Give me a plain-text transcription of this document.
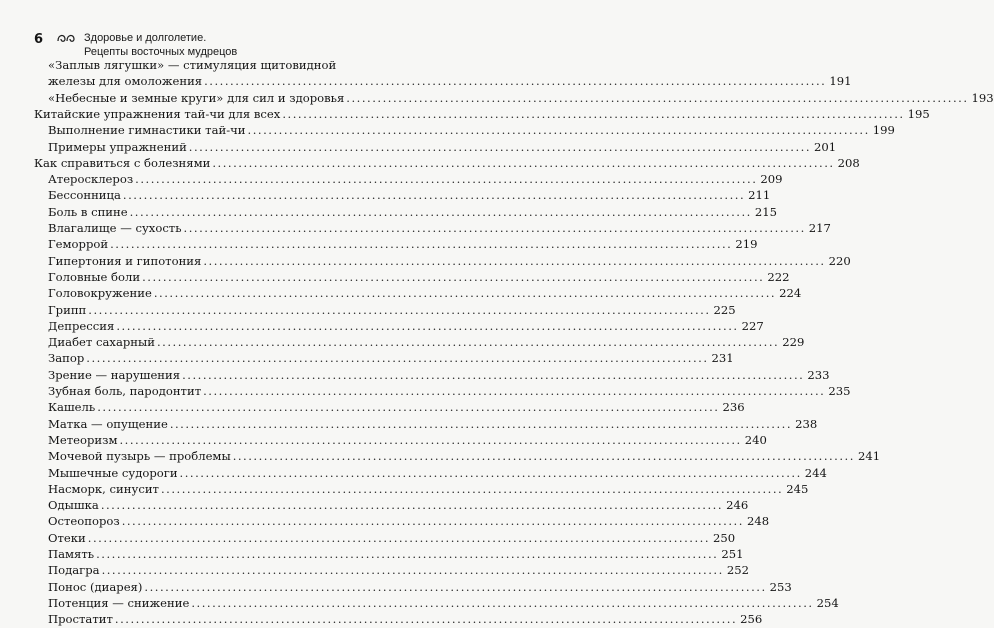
6	Здоровье и долголетие.
Рецепты восточных мудрецов
«Заплыв лягушки» — стимуляция щитовидной
железы для омоложения .....	191
«Небесные и земные круги» для сил и здоровья .....	193
Китайские упражнения тай-чи для всех .....	195
Выполнение гимнастики тай-чи .....	199
Примеры упражнений .....	201
Как справиться с болезнями .....	208
Атеросклероз .....	209
Бессонница .....	211
Боль в спине .....	215
Влагалище — сухость .....	217
Геморрой .....	219
Гипертония и гипотония .....	220
Головные боли .....	222
Головокружение .....	224
Грипп .....	225
Депрессия .....	227
Диабет сахарный .....	229
Запор .....	231
Зрение — нарушения .....	233
Зубная боль, пародонтит .....	235
Кашель .....	236
Матка — опущение .....	238
Метеоризм .....	240
Мочевой пузырь — проблемы .....	241
Мышечные судороги .....	244
Насморк, синусит .....	245
Одышка .....	246
Остеопороз .....	248
Отеки .....	250
Память .....	251
Подагра .....	252
Понос (диарея) .....	253
Потенция — снижение .....	254
Простатит .....	256
